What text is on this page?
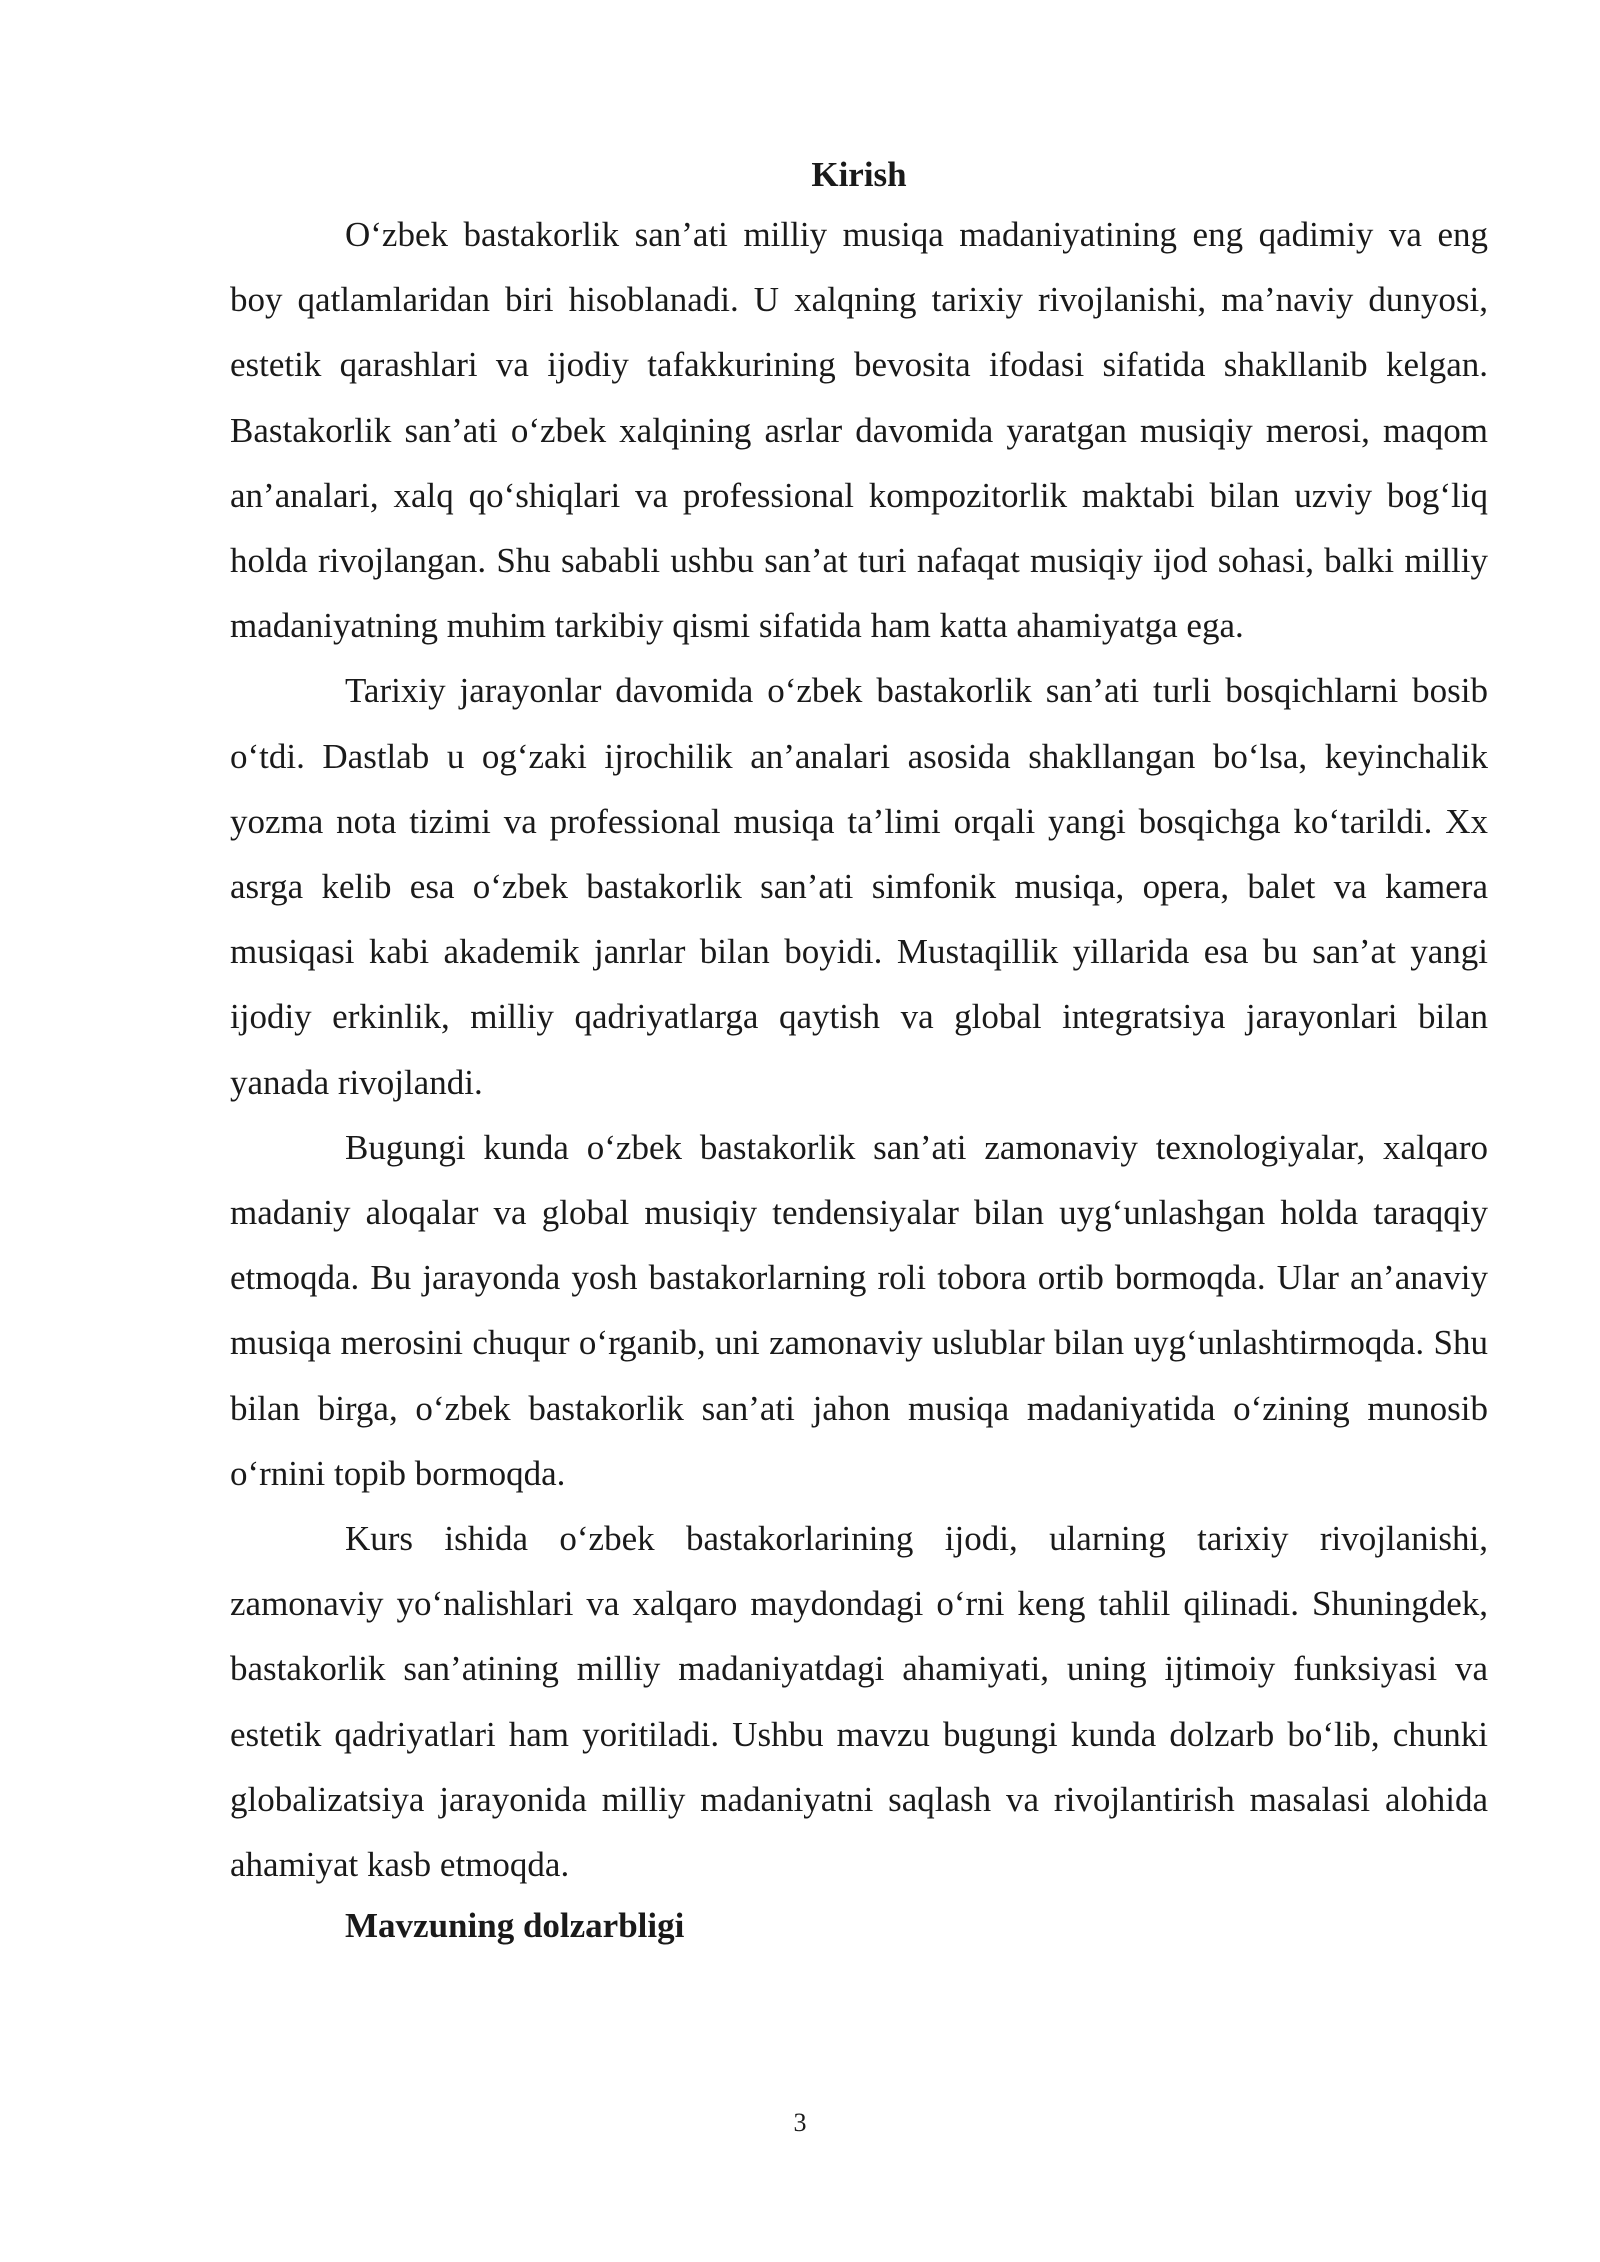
Kirish

O‘zbek bastakorlik san’ati milliy musiqa madaniyatining eng qadimiy va eng boy qatlamlaridan biri hisoblanadi. U xalqning tarixiy rivojlanishi, ma’naviy dunyosi, estetik qarashlari va ijodiy tafakkurining bevosita ifodasi sifatida shakllanib kelgan. Bastakorlik san’ati o‘zbek xalqining asrlar davomida yaratgan musiqiy merosi, maqom an’analari, xalq qo‘shiqlari va professional kompozitorlik maktabi bilan uzviy bog‘liq holda rivojlangan. Shu sababli ushbu san’at turi nafaqat musiqiy ijod sohasi, balki milliy madaniyatning muhim tarkibiy qismi sifatida ham katta ahamiyatga ega.

Tarixiy jarayonlar davomida o‘zbek bastakorlik san’ati turli bosqichlarni bosib o‘tdi. Dastlab u og‘zaki ijrochilik an’analari asosida shakllangan bo‘lsa, keyinchalik yozma nota tizimi va professional musiqa ta’limi orqali yangi bosqichga ko‘tarildi. Xx asrga kelib esa o‘zbek bastakorlik san’ati simfonik musiqa, opera, balet va kamera musiqasi kabi akademik janrlar bilan boyidi. Mustaqillik yillarida esa bu san’at yangi ijodiy erkinlik, milliy qadriyatlarga qaytish va global integratsiya jarayonlari bilan yanada rivojlandi.

Bugungi kunda o‘zbek bastakorlik san’ati zamonaviy texnologiyalar, xalqaro madaniy aloqalar va global musiqiy tendensiyalar bilan uyg‘unlashgan holda taraqqiy etmoqda. Bu jarayonda yosh bastakorlarning roli tobora ortib bormoqda. Ular an’anaviy musiqa merosini chuqur o‘rganib, uni zamonaviy uslublar bilan uyg‘unlashtirmoqda. Shu bilan birga, o‘zbek bastakorlik san’ati jahon musiqa madaniyatida o‘zining munosib o‘rnini topib bormoqda.

Kurs ishida o‘zbek bastakorlarining ijodi, ularning tarixiy rivojlanishi, zamonaviy yo‘nalishlari va xalqaro maydondagi o‘rni keng tahlil qilinadi. Shuningdek, bastakorlik san’atining milliy madaniyatdagi ahamiyati, uning ijtimoiy funksiyasi va estetik qadriyatlari ham yoritiladi. Ushbu mavzu bugungi kunda dolzarb bo‘lib, chunki globalizatsiya jarayonida milliy madaniyatni saqlash va rivojlantirish masalasi alohida ahamiyat kasb etmoqda.

Mavzuning dolzarbligi
3
